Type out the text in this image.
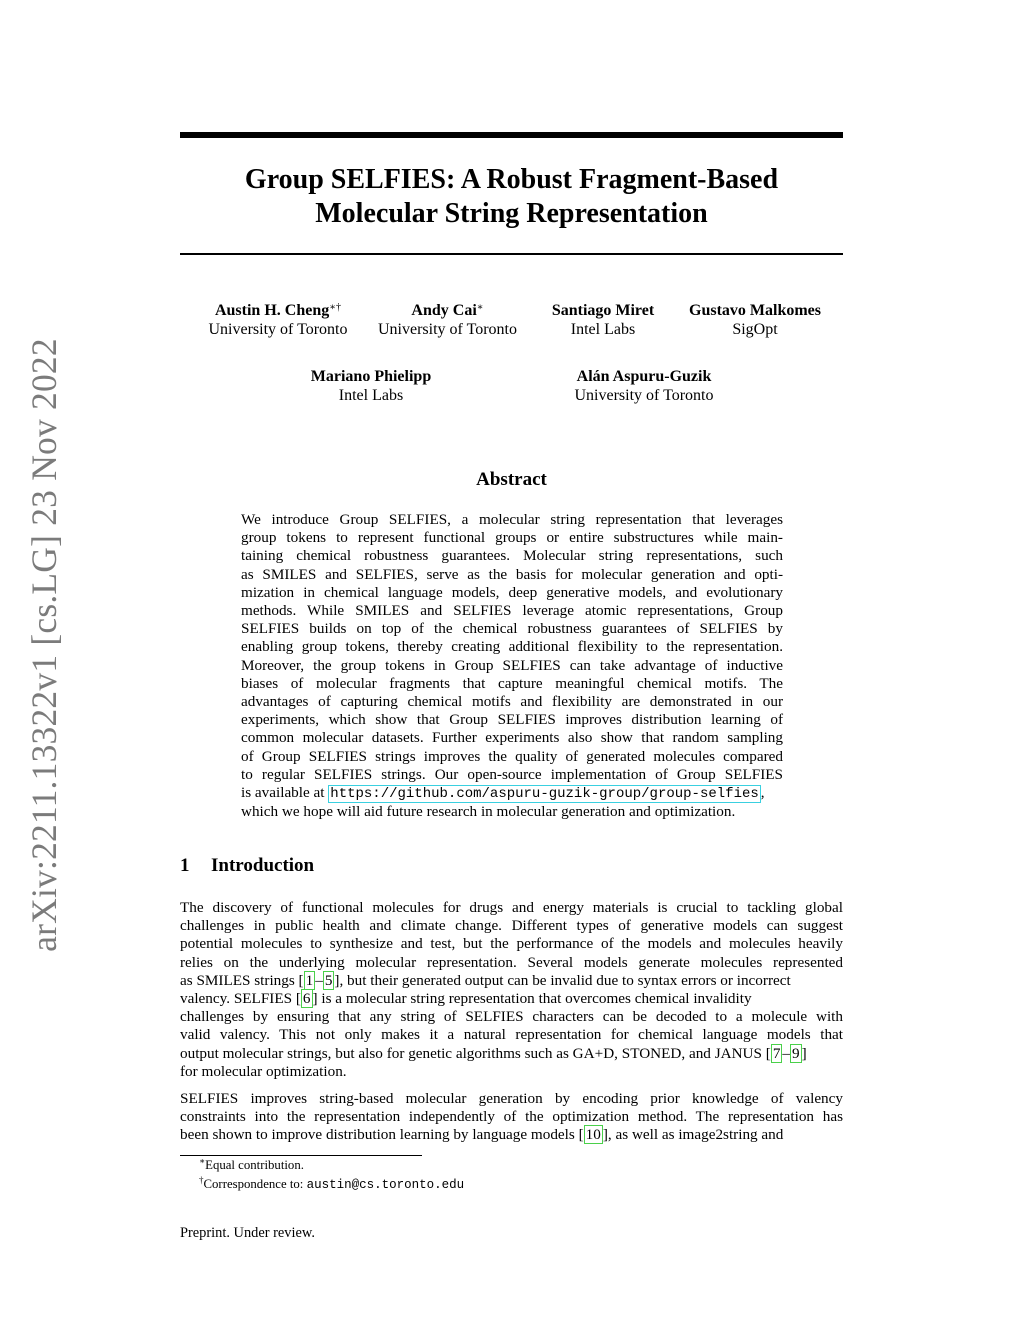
arXiv:2211.13322v1 [cs.LG] 23 Nov 2022
Group SELFIES: A Robust Fragment-Based
Molecular String Representation
Austin H. Cheng∗†
University of Toronto
Andy Cai∗
University of Toronto
Santiago Miret
Intel Labs
Gustavo Malkomes
SigOpt
Mariano Phielipp
Intel Labs
Alán Aspuru-Guzik
University of Toronto
Abstract
We introduce Group SELFIES, a molecular string representation that leverages
group tokens to represent functional groups or entire substructures while main-
taining chemical robustness guarantees. Molecular string representations, such
as SMILES and SELFIES, serve as the basis for molecular generation and opti-
mization in chemical language models, deep generative models, and evolutionary
methods. While SMILES and SELFIES leverage atomic representations, Group
SELFIES builds on top of the chemical robustness guarantees of SELFIES by
enabling group tokens, thereby creating additional flexibility to the representation.
Moreover, the group tokens in Group SELFIES can take advantage of inductive
biases of molecular fragments that capture meaningful chemical motifs. The
advantages of capturing chemical motifs and flexibility are demonstrated in our
experiments, which show that Group SELFIES improves distribution learning of
common molecular datasets. Further experiments also show that random sampling
of Group SELFIES strings improves the quality of generated molecules compared
to regular SELFIES strings. Our open-source implementation of Group SELFIES
is available at https://github.com/aspuru-guzik-group/group-selfies ,
which we hope will aid future research in molecular generation and optimization.
1 Introduction
The discovery of functional molecules for drugs and energy materials is crucial to tackling global
challenges in public health and climate change. Different types of generative models can suggest
potential molecules to synthesize and test, but the performance of the models and molecules heavily
relies on the underlying molecular representation. Several models generate molecules represented
as SMILES strings [ 1 – 5 ], but their generated output can be invalid due to syntax errors or incorrect
valency. SELFIES [ 6 ] is a molecular string representation that overcomes chemical invalidity
challenges by ensuring that any string of SELFIES characters can be decoded to a molecule with
valid valency. This not only makes it a natural representation for chemical language models that
output molecular strings, but also for genetic algorithms such as GA+D, STONED, and JANUS [ 7 – 9 ]
for molecular optimization.
SELFIES improves string-based molecular generation by encoding prior knowledge of valency
constraints into the representation independently of the optimization method. The representation has
been shown to improve distribution learning by language models [ 10 ], as well as image2string and
∗Equal contribution.
†Correspondence to: austin@cs.toronto.edu
Preprint. Under review.
